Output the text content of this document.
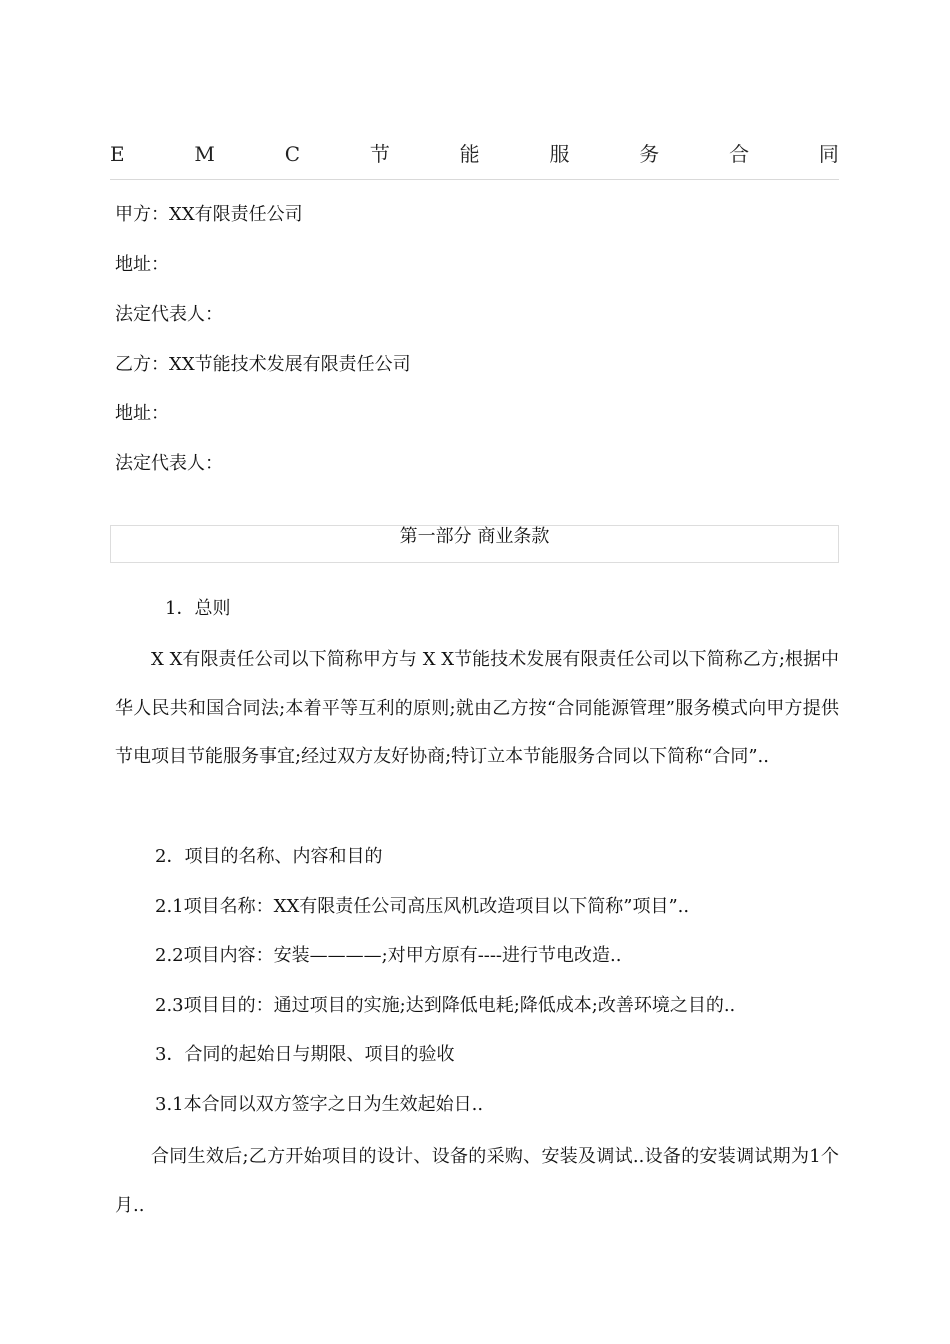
E	M	C	节	能	服	务	合	同
甲方：XX有限责任公司
地址：
法定代表人：
乙方：XX节能技术发展有限责任公司
地址：
法定代表人：
第一部分 商业条款
1．总则
X X有限责任公司以下简称甲方与 X X节能技术发展有限责任公司以下简称乙方;根据中华人民共和国合同法;本着平等互利的原则;就由乙方按“合同能源管理”服务模式向甲方提供节电项目节能服务事宜;经过双方友好协商;特订立本节能服务合同以下简称“合同”..
2．项目的名称、内容和目的
2.1项目名称：XX有限责任公司高压风机改造项目以下简称”项目”..
2.2项目内容：安装————;对甲方原有----进行节电改造..
2.3项目目的：通过项目的实施;达到降低电耗;降低成本;改善环境之目的..
3．合同的起始日与期限、项目的验收
3.1本合同以双方签字之日为生效起始日..
合同生效后;乙方开始项目的设计、设备的采购、安装及调试..设备的安装调试期为1个月..
